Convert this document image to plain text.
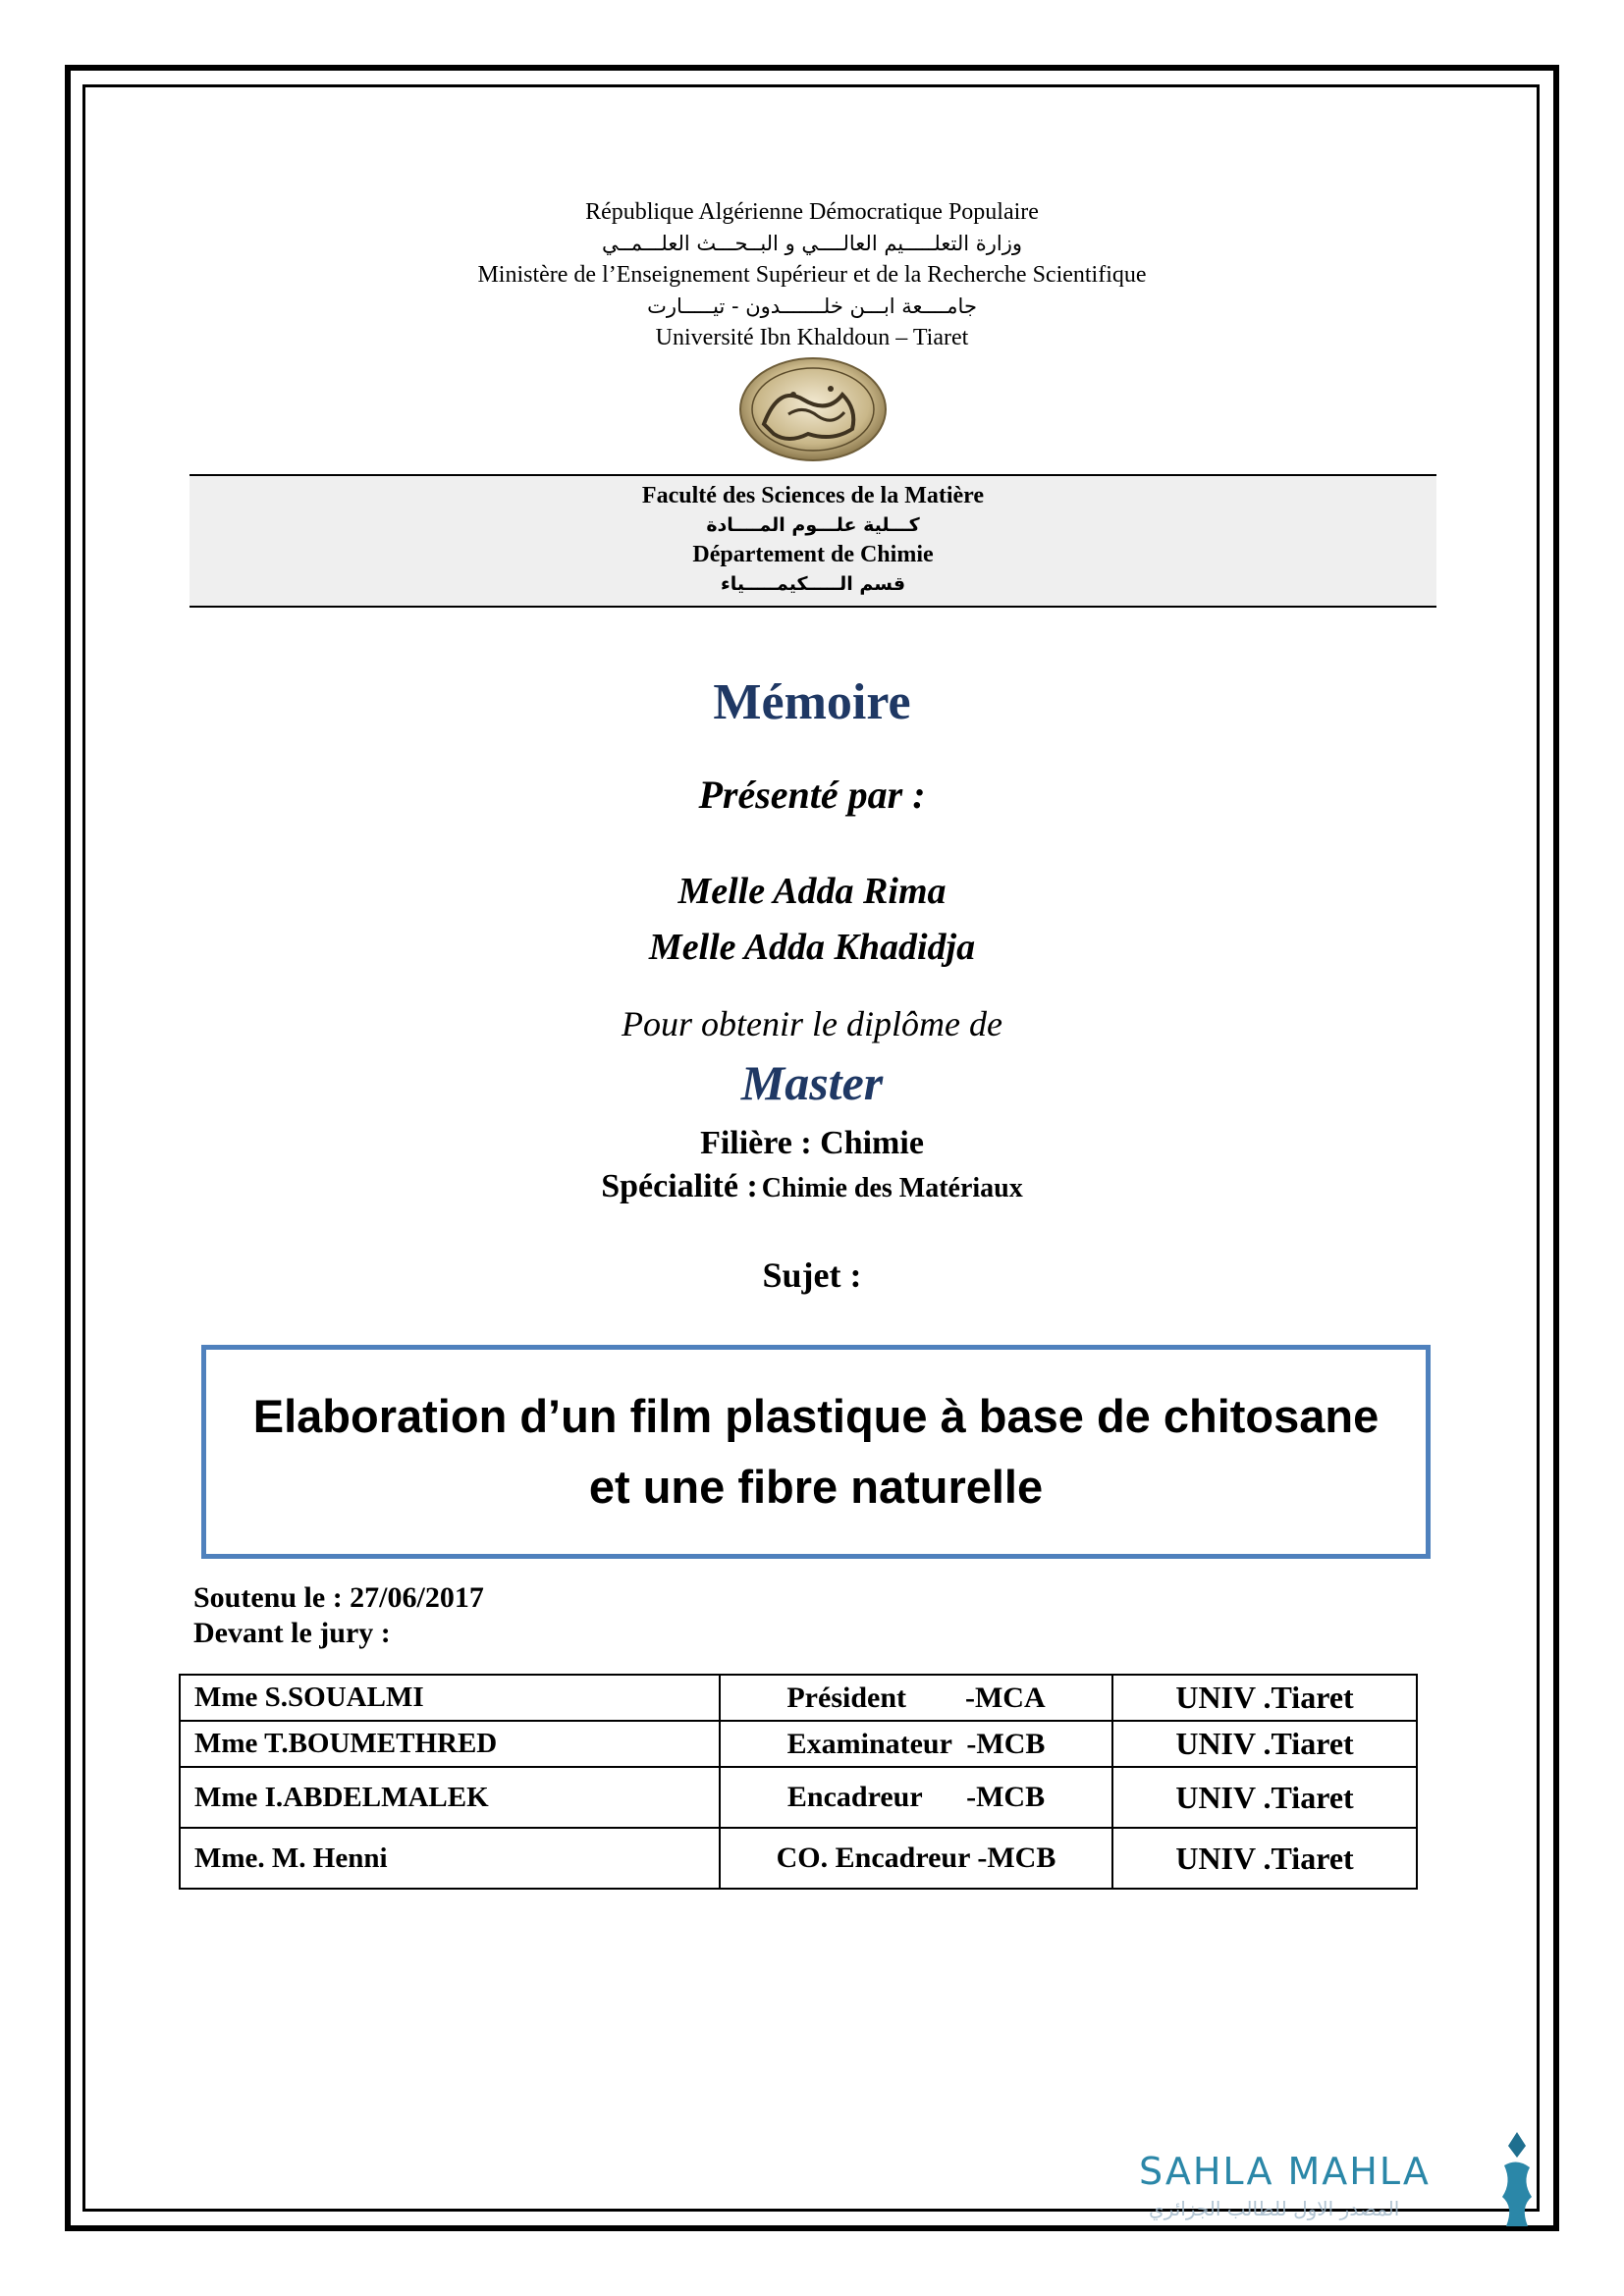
République Algérienne Démocratique Populaire
وزارة التعلـــــيم العالــــي و البــحـــث العلـــمــي
Ministère de l’Enseignement Supérieur et de la Recherche Scientifique
جامــــعة ابـــن خلـــــــدون - تيـــــارت
Université Ibn Khaldoun – Tiaret
Faculté des Sciences de la Matière
كـــلية علـــوم المــــادة
Département de Chimie
قسم الـــــكيمـــــياء
Mémoire
Présenté par :
Melle Adda Rima
Melle Adda Khadidja
Pour obtenir le diplôme de
Master
Filière : Chimie
Spécialité : Chimie des Matériaux
Sujet :
Elaboration d’un film plastique à base de chitosane
et une fibre naturelle
Soutenu le : 27/06/2017
Devant le jury :
Mme S.SOUALMI	Président        -MCA	UNIV .Tiaret
Mme T.BOUMETHRED	Examinateur  -MCB	UNIV .Tiaret
Mme I.ABDELMALEK	Encadreur      -MCB	UNIV .Tiaret
Mme. M. Henni	CO. Encadreur -MCB	UNIV .Tiaret
SAHLA MAHLA
المصدر الاول للطالب الجزائري
